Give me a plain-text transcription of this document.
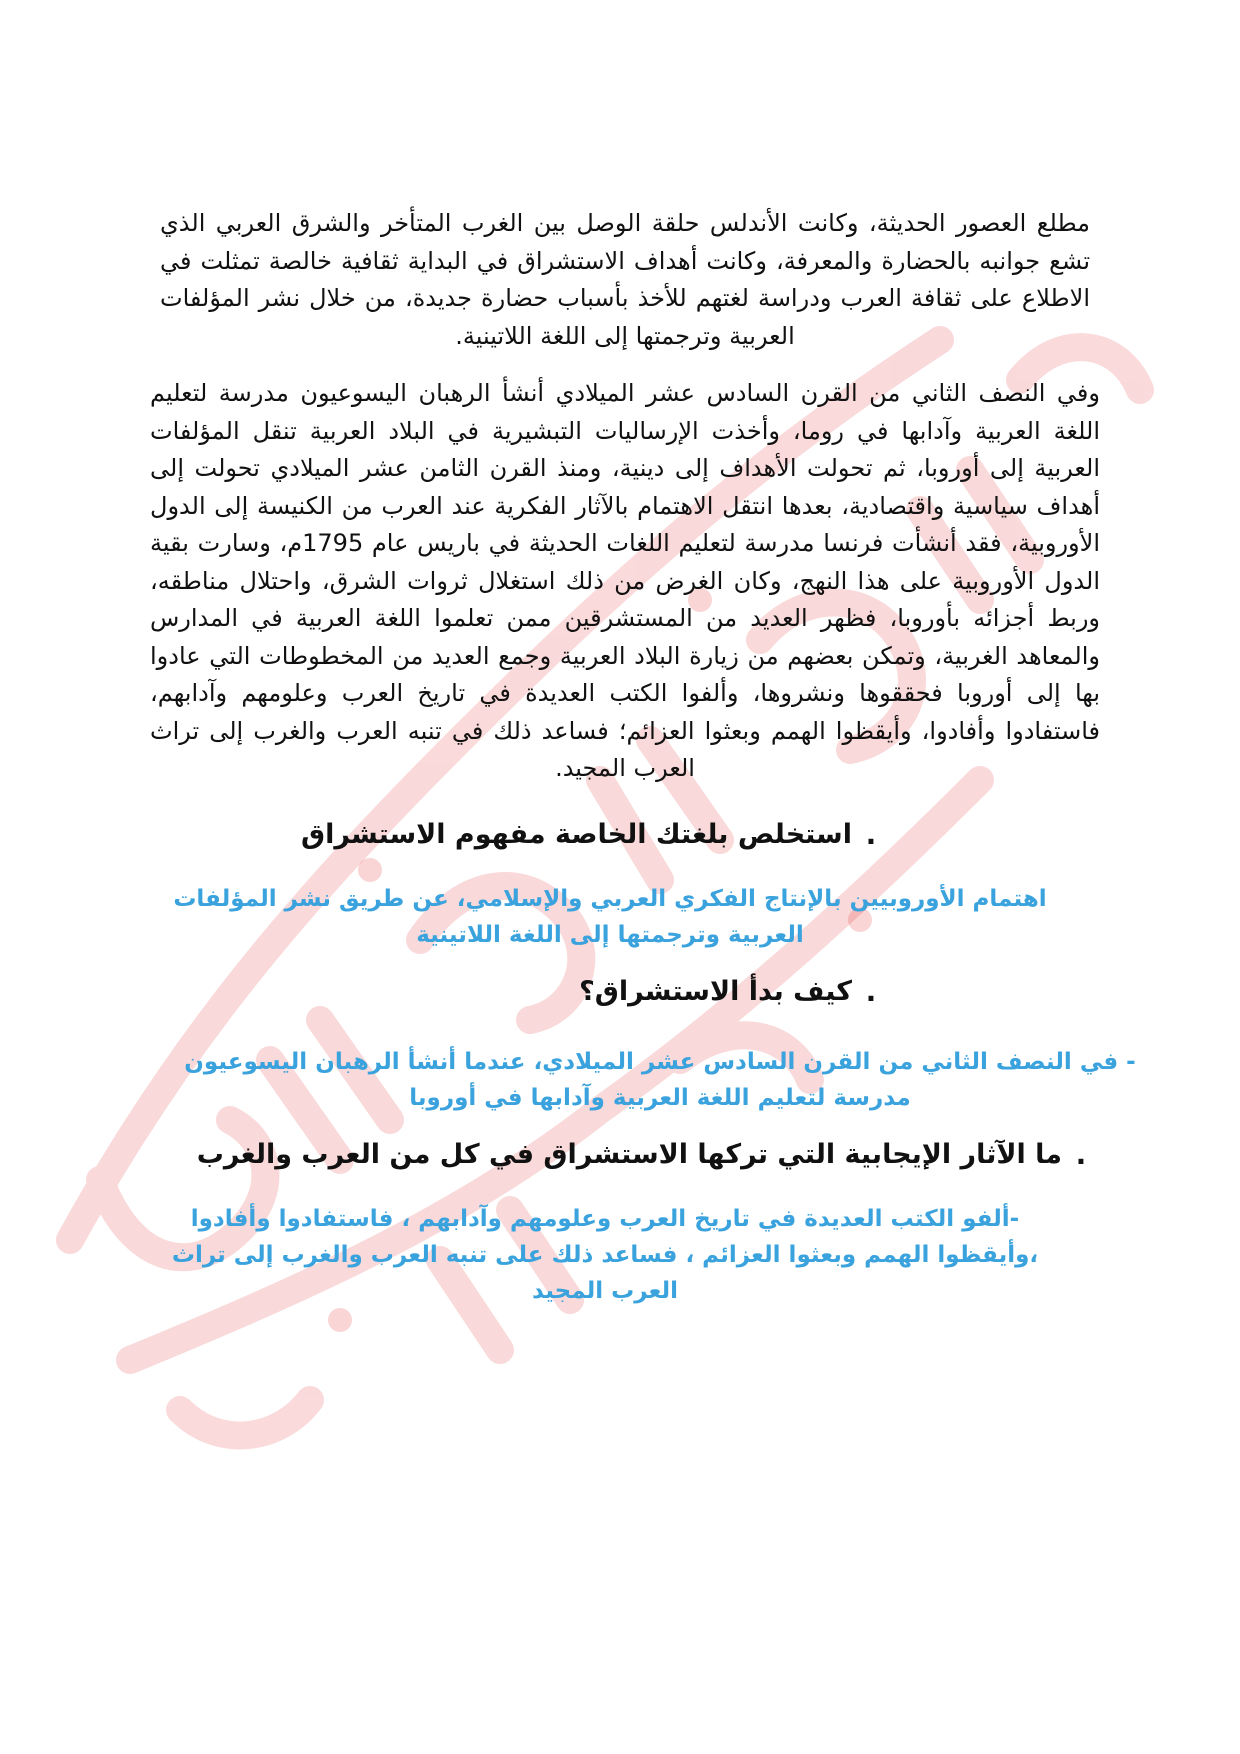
مطلع العصور الحديثة، وكانت الأندلس حلقة الوصل بين الغرب المتأخر والشرق العربي الذي تشع جوانبه بالحضارة والمعرفة، وكانت أهداف الاستشراق في البداية ثقافية خالصة تمثلت في الاطلاع على ثقافة العرب ودراسة لغتهم للأخذ بأسباب حضارة جديدة، من خلال نشر المؤلفات العربية وترجمتها إلى اللغة اللاتينية.

وفي النصف الثاني من القرن السادس عشر الميلادي أنشأ الرهبان اليسوعيون مدرسة لتعليم اللغة العربية وآدابها في روما، وأخذت الإرساليات التبشيرية في البلاد العربية تنقل المؤلفات العربية إلى أوروبا، ثم تحولت الأهداف إلى دينية، ومنذ القرن الثامن عشر الميلادي تحولت إلى أهداف سياسية واقتصادية، بعدها انتقل الاهتمام بالآثار الفكرية عند العرب من الكنيسة إلى الدول الأوروبية، فقد أنشأت فرنسا مدرسة لتعليم اللغات الحديثة في باريس عام 1795م، وسارت بقية الدول الأوروبية على هذا النهج، وكان الغرض من ذلك استغلال ثروات الشرق، واحتلال مناطقه، وربط أجزائه بأوروبا، فظهر العديد من المستشرقين ممن تعلموا اللغة العربية في المدارس والمعاهد الغربية، وتمكن بعضهم من زيارة البلاد العربية وجمع العديد من المخطوطات التي عادوا بها إلى أوروبا فحققوها ونشروها، وألفوا الكتب العديدة في تاريخ العرب وعلومهم وآدابهم، فاستفادوا وأفادوا، وأيقظوا الهمم وبعثوا العزائم؛ فساعد ذلك في تنبه العرب والغرب إلى تراث العرب المجيد.

.
استخلص بلغتك الخاصة مفهوم الاستشراق

اهتمام الأوروبيين بالإنتاج الفكري العربي والإسلامي، عن طريق نشر المؤلفات العربية وترجمتها إلى اللغة اللاتينية

.
كيف بدأ الاستشراق؟

- في النصف الثاني من القرن السادس عشر الميلادي، عندما أنشأ الرهبان اليسوعيون مدرسة لتعليم اللغة العربية وآدابها في أوروبا

.
ما الآثار الإيجابية التي تركها الاستشراق في كل من العرب والغرب

-ألفو الكتب العديدة في تاريخ العرب وعلومهم وآدابهم ، فاستفادوا وأفادوا ،وأيقظوا الهمم وبعثوا العزائم ، فساعد ذلك على تنبه العرب والغرب إلى تراث العرب المجيد
